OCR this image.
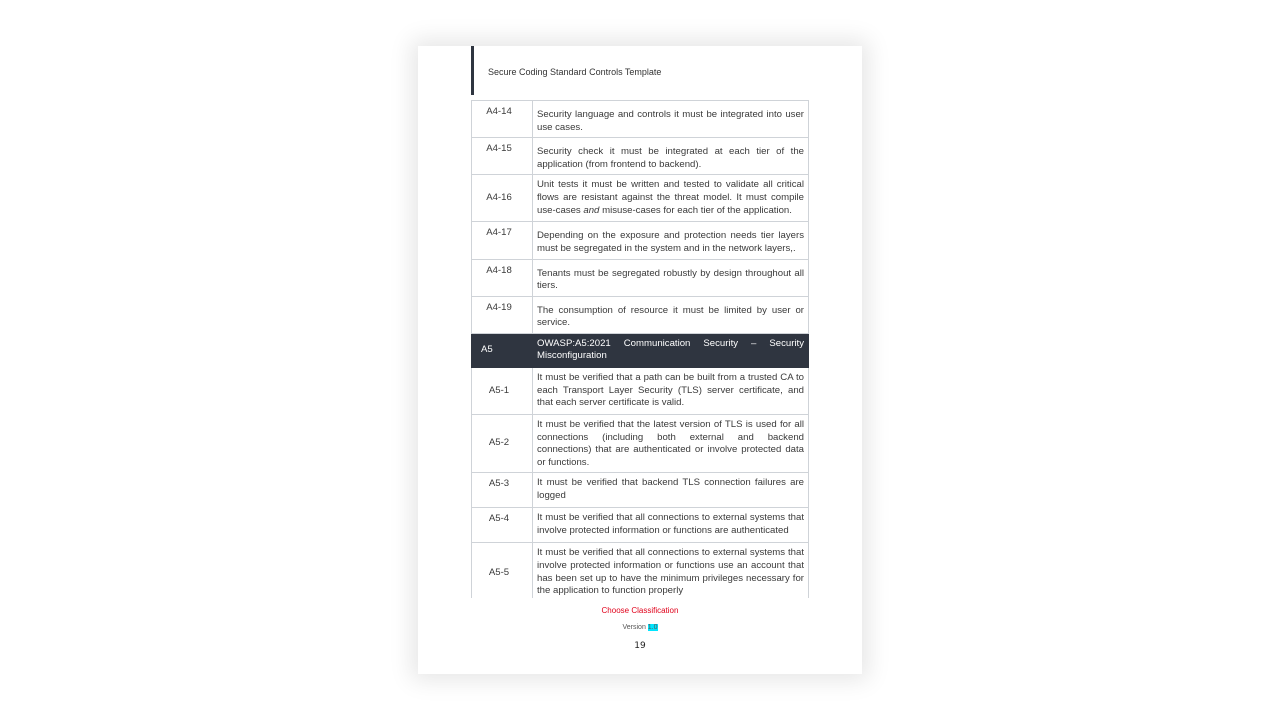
Secure Coding Standard Controls Template
A4-14	Security language and controls it must be integrated into user use cases.

A4-15	Security check it must be integrated at each tier of the application (from frontend to backend).

A4-16	Unit tests it must be written and tested to validate all critical flows are resistant against the threat model. It must compile use-cases and misuse-cases for each tier of the application.

A4-17	Depending on the exposure and protection needs tier layers must be segregated in the system and in the network layers,.

A4-18	Tenants must be segregated robustly by design throughout all tiers.

A4-19	The consumption of resource it must be limited by user or service.

A5	OWASP:A5:2021 Communication Security – Security
Misconfiguration

A5-1	It must be verified that a path can be built from a trusted CA to each Transport Layer Security (TLS) server certificate, and that each server certificate is valid.

A5-2	It must be verified that the latest version of TLS is used for all connections (including both external and backend connections) that are authenticated or involve protected data or functions.

A5-3	It must be verified that backend TLS connection failures are logged

A5-4	It must be verified that all connections to external systems that involve protected information or functions are authenticated

A5-5	It must be verified that all connections to external systems that involve protected information or functions use an account that has been set up to have the minimum privileges necessary for the application to function properly

Choose Classification
Version 1.0
19
